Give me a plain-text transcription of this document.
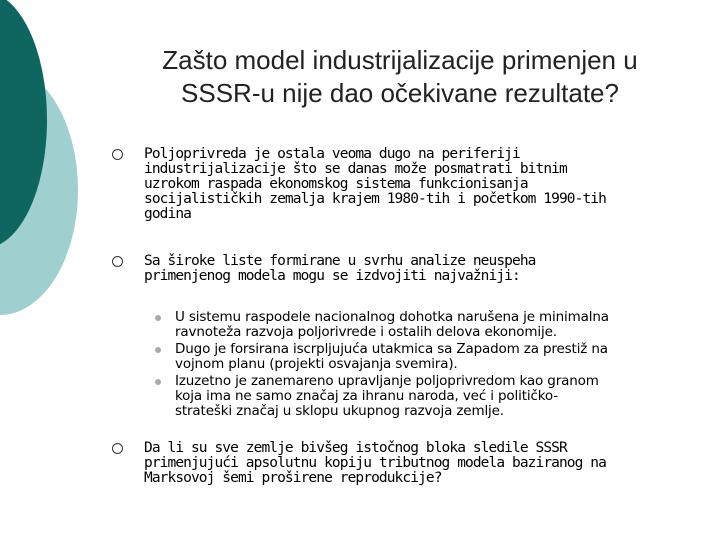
Zašto model industrijalizacije primenjen u
SSSR-u nije dao očekivane rezultate?
Poljoprivreda je ostala veoma dugo na periferiji
industrijalizacije što se danas može posmatrati bitnim
uzrokom raspada ekonomskog sistema funkcionisanja
socijalističkih zemalja krajem 1980-tih i početkom 1990-tih
godina
Sa široke liste formirane u svrhu analize neuspeha
primenjenog modela mogu se izdvojiti najvažniji:
U sistemu raspodele nacionalnog dohotka narušena je minimalna
ravnoteža razvoja poljorivrede i ostalih delova ekonomije.
Dugo je forsirana iscrpljujuća utakmica sa Zapadom za prestiž na
vojnom planu (projekti osvajanja svemira).
Izuzetno je zanemareno upravljanje poljoprivredom kao granom
koja ima ne samo značaj za ihranu naroda, već i političko-
strateški značaj u sklopu ukupnog razvoja zemlje.
Da li su sve zemlje bivšeg istočnog bloka sledile SSSR
primenjujući apsolutnu kopiju tributnog modela baziranog na
Marksovoj šemi proširene reprodukcije?
